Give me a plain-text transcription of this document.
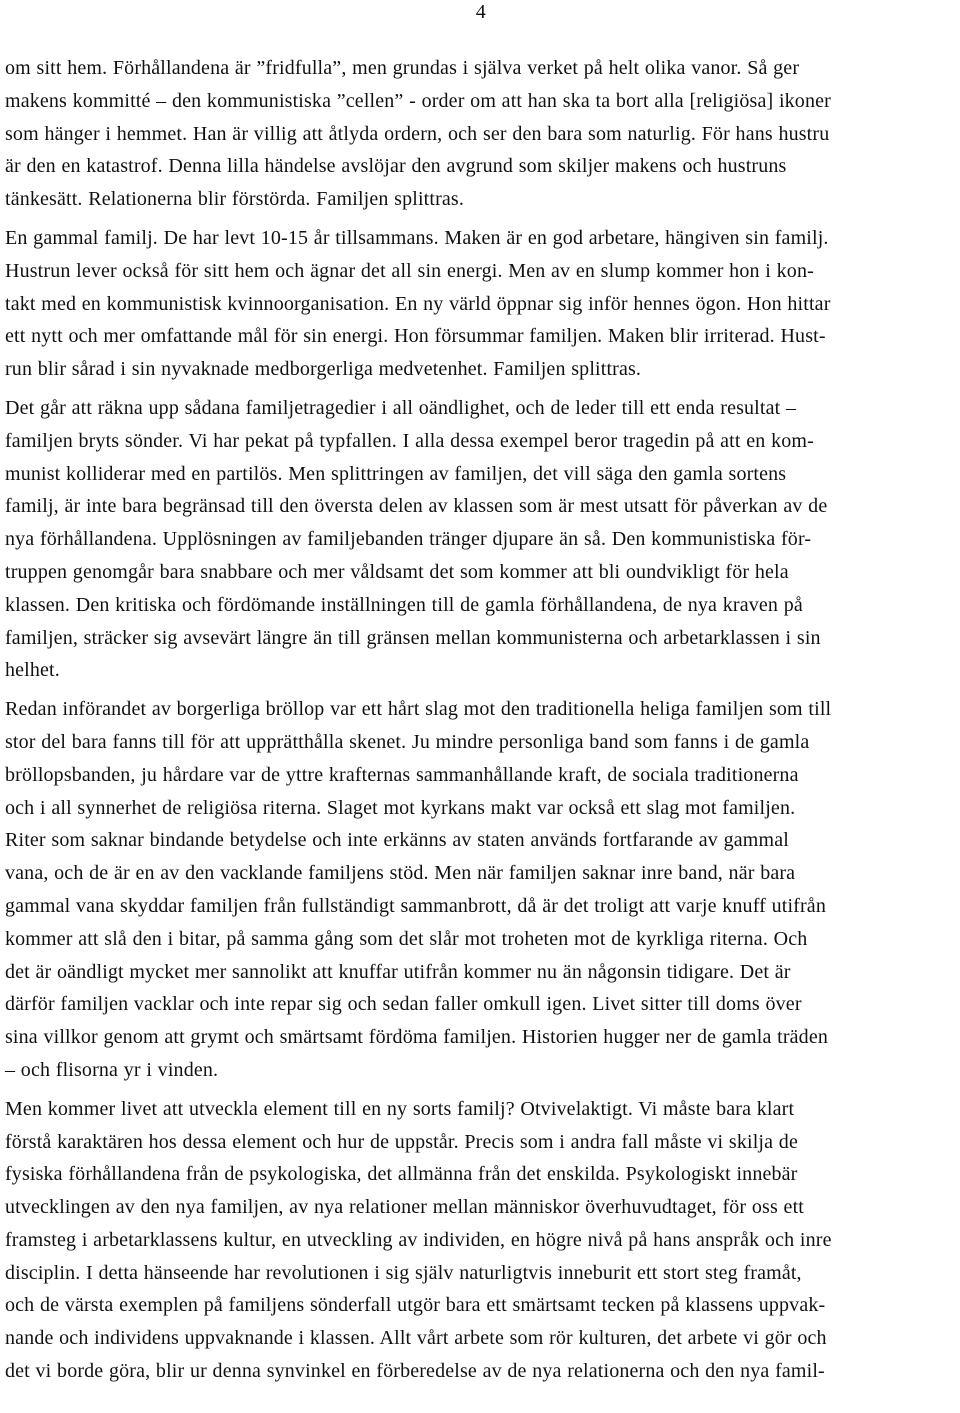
4

om sitt hem. Förhållandena är ”fridfulla”, men grundas i själva verket på helt olika vanor. Så ger
makens kommitté – den kommunistiska ”cellen” - order om att han ska ta bort alla [religiösa] ikoner
som hänger i hemmet. Han är villig att åtlyda ordern, och ser den bara som naturlig. För hans hustru
är den en katastrof. Denna lilla händelse avslöjar den avgrund som skiljer makens och hustruns
tänkesätt. Relationerna blir förstörda. Familjen splittras.

En gammal familj. De har levt 10-15 år tillsammans. Maken är en god arbetare, hängiven sin familj.
Hustrun lever också för sitt hem och ägnar det all sin energi. Men av en slump kommer hon i kon-
takt med en kommunistisk kvinnoorganisation. En ny värld öppnar sig inför hennes ögon. Hon hittar
ett nytt och mer omfattande mål för sin energi. Hon försummar familjen. Maken blir irriterad. Hust-
run blir sårad i sin nyvaknade medborgerliga medvetenhet. Familjen splittras.

Det går att räkna upp sådana familjetragedier i all oändlighet, och de leder till ett enda resultat –
familjen bryts sönder. Vi har pekat på typfallen. I alla dessa exempel beror tragedin på att en kom-
munist kolliderar med en partilös. Men splittringen av familjen, det vill säga den gamla sortens
familj, är inte bara begränsad till den översta delen av klassen som är mest utsatt för påverkan av de
nya förhållandena. Upplösningen av familjebanden tränger djupare än så. Den kommunistiska för-
truppen genomgår bara snabbare och mer våldsamt det som kommer att bli oundvikligt för hela
klassen. Den kritiska och fördömande inställningen till de gamla förhållandena, de nya kraven på
familjen, sträcker sig avsevärt längre än till gränsen mellan kommunisterna och arbetarklassen i sin
helhet.

Redan införandet av borgerliga bröllop var ett hårt slag mot den traditionella heliga familjen som till
stor del bara fanns till för att upprätthålla skenet. Ju mindre personliga band som fanns i de gamla
bröllopsbanden, ju hårdare var de yttre krafternas sammanhållande kraft, de sociala traditionerna
och i all synnerhet de religiösa riterna. Slaget mot kyrkans makt var också ett slag mot familjen.
Riter som saknar bindande betydelse och inte erkänns av staten används fortfarande av gammal
vana, och de är en av den vacklande familjens stöd. Men när familjen saknar inre band, när bara
gammal vana skyddar familjen från fullständigt sammanbrott, då är det troligt att varje knuff utifrån
kommer att slå den i bitar, på samma gång som det slår mot troheten mot de kyrkliga riterna. Och
det är oändligt mycket mer sannolikt att knuffar utifrån kommer nu än någonsin tidigare. Det är
därför familjen vacklar och inte repar sig och sedan faller omkull igen. Livet sitter till doms över
sina villkor genom att grymt och smärtsamt fördöma familjen. Historien hugger ner de gamla träden
– och flisorna yr i vinden.

Men kommer livet att utveckla element till en ny sorts familj? Otvivelaktigt. Vi måste bara klart
förstå karaktären hos dessa element och hur de uppstår. Precis som i andra fall måste vi skilja de
fysiska förhållandena från de psykologiska, det allmänna från det enskilda. Psykologiskt innebär
utvecklingen av den nya familjen, av nya relationer mellan människor överhuvudtaget, för oss ett
framsteg i arbetarklassens kultur, en utveckling av individen, en högre nivå på hans anspråk och inre
disciplin. I detta hänseende har revolutionen i sig själv naturligtvis inneburit ett stort steg framåt,
och de värsta exemplen på familjens sönderfall utgör bara ett smärtsamt tecken på klassens uppvak-
nande och individens uppvaknande i klassen. Allt vårt arbete som rör kulturen, det arbete vi gör och
det vi borde göra, blir ur denna synvinkel en förberedelse av de nya relationerna och den nya famil-
